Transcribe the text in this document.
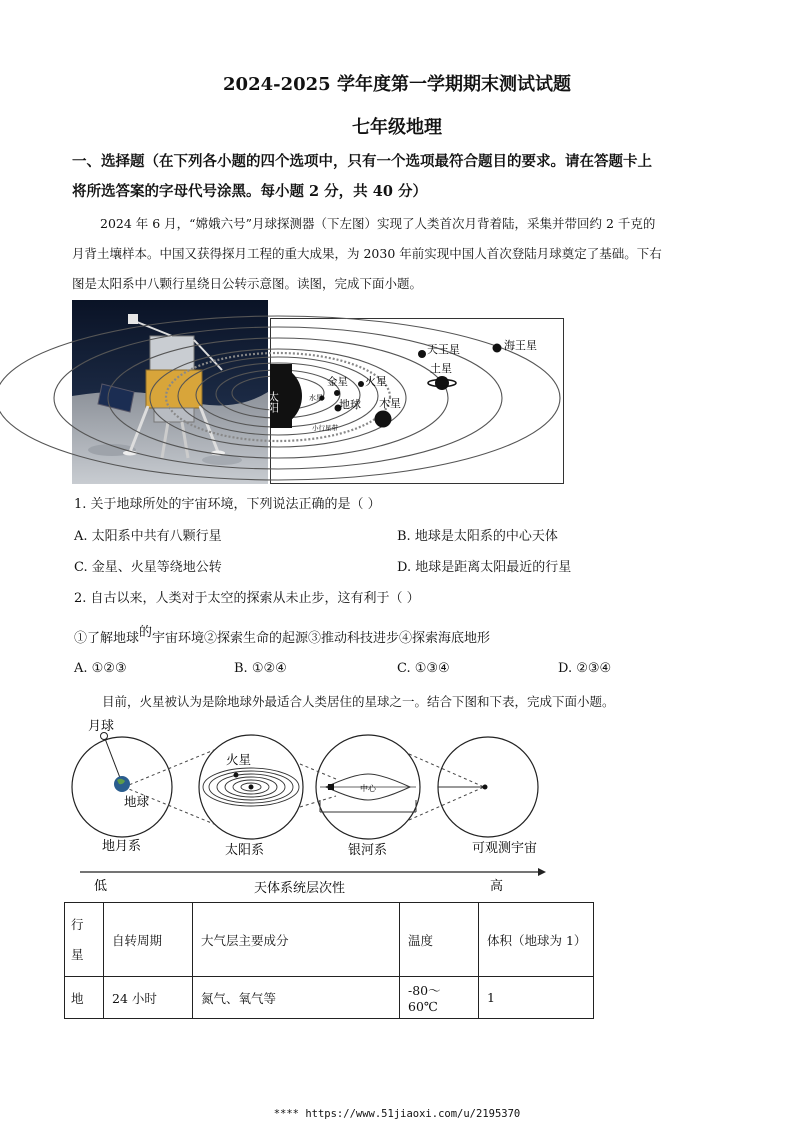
2024-2025 学年度第一学期期末测试试题
七年级地理
一、选择题（在下列各小题的四个选项中，只有一个选项最符合题目的要求。请在答题卡上
将所选答案的字母代号涂黑。每小题 2 分，共 40 分）
2024 年 6 月，“嫦娥六号”月球探测器（下左图）实现了人类首次月背着陆，采集并带回约 2 千克的
月背土壤样本。中国又获得探月工程的重大成果，为 2030 年前实现中国人首次登陆月球奠定了基础。下右
图是太阳系中八颗行星绕日公转示意图。读图，完成下面小题。
太阳	水星
金星
地球
火星
木星
土星
天王星	海王星
小行星带
1. 关于地球所处的宇宙环境，下列说法正确的是（ ）
A. 太阳系中共有八颗行星	B. 地球是太阳系的中心天体
C. 金星、火星等绕地公转	D. 地球是距离太阳最近的行星
2. 自古以来，人类对于太空的探索从未止步，这有利于（ ）
①了解地球的宇宙环境②探索生命的起源③推动科技进步④探索海底地形
A. ①②③	B. ①②④	C. ①③④	D. ②③④
目前，火星被认为是除地球外最适合人类居住的星球之一。结合下图和下表，完成下面小题。
月球
地球
火星
中心
地月系	太阳系	银河系	可观测宇宙
低	高
天体系统层次性
行
星	自转周期	大气层主要成分	温度	体积（地球为 1）
地	24 小时	氮气、氧气等	-80～60℃	1
**** https://www.51jiaoxi.com/u/2195370
